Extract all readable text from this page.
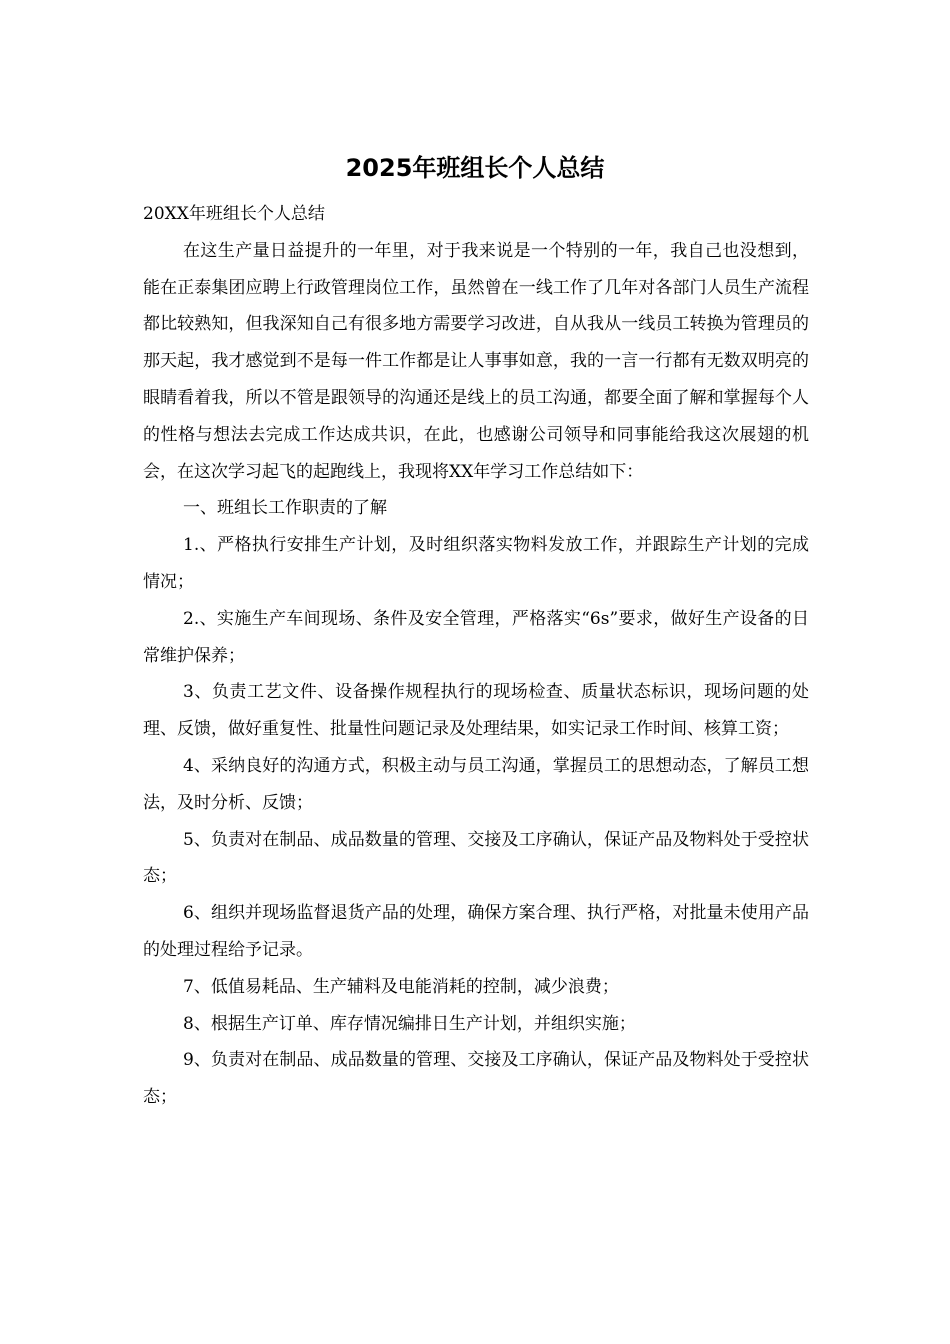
2025年班组长个人总结

20XX年班组长个人总结

在这生产量日益提升的一年里，对于我来说是一个特别的一年，我自己也没想到，能在正泰集团应聘上行政管理岗位工作，虽然曾在一线工作了几年对各部门人员生产流程都比较熟知，但我深知自己有很多地方需要学习改进，自从我从一线员工转换为管理员的那天起，我才感觉到不是每一件工作都是让人事事如意，我的一言一行都有无数双明亮的眼睛看着我，所以不管是跟领导的沟通还是线上的员工沟通，都要全面了解和掌握每个人的性格与想法去完成工作达成共识，在此，也感谢公司领导和同事能给我这次展翅的机会，在这次学习起飞的起跑线上，我现将XX年学习工作总结如下：

一、班组长工作职责的了解

1.、严格执行安排生产计划，及时组织落实物料发放工作，并跟踪生产计划的完成情况；

2.、实施生产车间现场、条件及安全管理，严格落实“6s”要求，做好生产设备的日常维护保养；

3、负责工艺文件、设备操作规程执行的现场检查、质量状态标识，现场问题的处理、反馈，做好重复性、批量性问题记录及处理结果，如实记录工作时间、核算工资；

4、采纳良好的沟通方式，积极主动与员工沟通，掌握员工的思想动态，了解员工想法，及时分析、反馈；

5、负责对在制品、成品数量的管理、交接及工序确认，保证产品及物料处于受控状态；

6、组织并现场监督退货产品的处理，确保方案合理、执行严格，对批量未使用产品的处理过程给予记录。

7、低值易耗品、生产辅料及电能消耗的控制，减少浪费；

8、根据生产订单、库存情况编排日生产计划，并组织实施；

9、负责对在制品、成品数量的管理、交接及工序确认，保证产品及物料处于受控状态；
